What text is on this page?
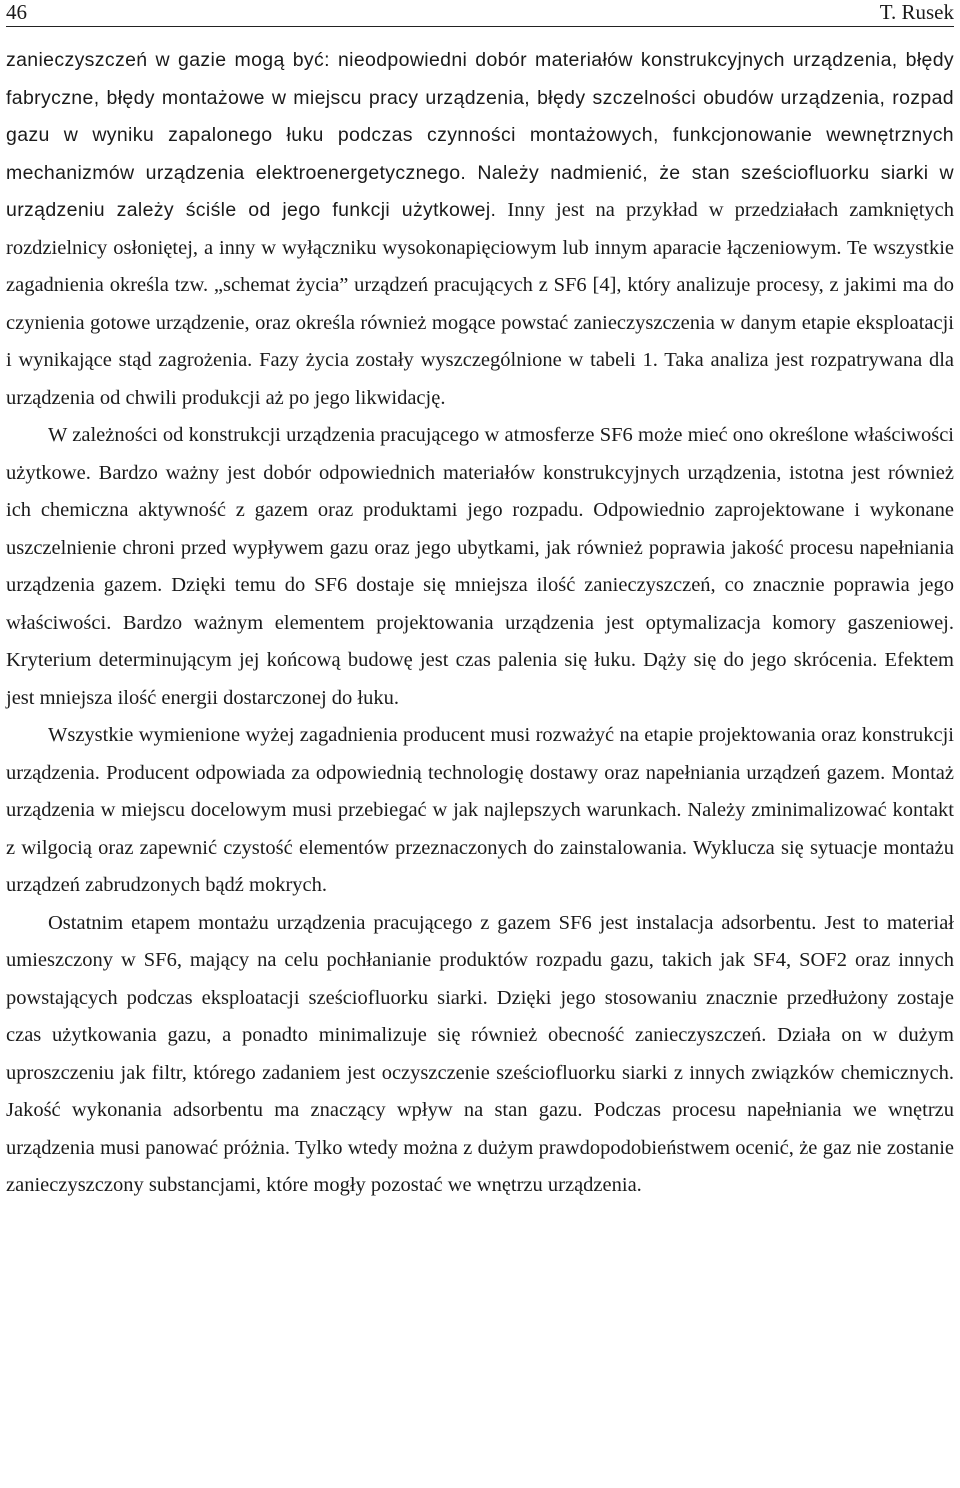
46	T. Rusek

zanieczyszczeń w gazie mogą być: nieodpowiedni dobór materiałów konstrukcyjnych urządzenia, błędy fabryczne, błędy montażowe w miejscu pracy urządzenia, błędy szczelności obudów urządzenia, rozpad gazu w wyniku zapalonego łuku podczas czynności montażowych, funkcjonowanie wewnętrznych mechanizmów urządzenia elektroenergetycznego. Należy nadmienić, że stan sześciofluorku siarki w urządzeniu zależy ściśle od jego funkcji użytkowej. Inny jest na przykład w przedziałach zamkniętych rozdzielnicy osłoniętej, a inny w wyłączniku wysokonapięciowym lub innym aparacie łączeniowym. Te wszystkie zagadnienia określa tzw. „schemat życia” urządzeń pracujących z SF6 [4], który analizuje procesy, z jakimi ma do czynienia gotowe urządzenie, oraz określa również mogące powstać zanieczyszczenia w danym etapie eksploatacji i wynikające stąd zagrożenia. Fazy życia zostały wyszczególnione w tabeli 1. Taka analiza jest rozpatrywana dla urządzenia od chwili produkcji aż po jego likwidację.

W zależności od konstrukcji urządzenia pracującego w atmosferze SF6 może mieć ono określone właściwości użytkowe. Bardzo ważny jest dobór odpowiednich materiałów konstrukcyjnych urządzenia, istotna jest również ich chemiczna aktywność z gazem oraz produktami jego rozpadu. Odpowiednio zaprojektowane i wykonane uszczelnienie chroni przed wypływem gazu oraz jego ubytkami, jak również poprawia jakość procesu napełniania urządzenia gazem. Dzięki temu do SF6 dostaje się mniejsza ilość zanieczyszczeń, co znacznie poprawia jego właściwości. Bardzo ważnym elementem projektowania urządzenia jest optymalizacja komory gaszeniowej. Kryterium determinującym jej końcową budowę jest czas palenia się łuku. Dąży się do jego skrócenia. Efektem jest mniejsza ilość energii dostarczonej do łuku.

Wszystkie wymienione wyżej zagadnienia producent musi rozważyć na etapie projektowania oraz konstrukcji urządzenia. Producent odpowiada za odpowiednią technologię dostawy oraz napełniania urządzeń gazem. Montaż urządzenia w miejscu docelowym musi przebiegać w jak najlepszych warunkach. Należy zminimalizować kontakt z wilgocią oraz zapewnić czystość elementów przeznaczonych do zainstalowania. Wyklucza się sytuacje montażu urządzeń zabrudzonych bądź mokrych.

Ostatnim etapem montażu urządzenia pracującego z gazem SF6 jest instalacja adsorbentu. Jest to materiał umieszczony w SF6, mający na celu pochłanianie produktów rozpadu gazu, takich jak SF4, SOF2 oraz innych powstających podczas eksploatacji sześciofluorku siarki. Dzięki jego stosowaniu znacznie przedłużony zostaje czas użytkowania gazu, a ponadto minimalizuje się również obecność zanieczyszczeń. Działa on w dużym uproszczeniu jak filtr, którego zadaniem jest oczyszczenie sześciofluorku siarki z innych związków chemicznych. Jakość wykonania adsorbentu ma znaczący wpływ na stan gazu. Podczas procesu napełniania we wnętrzu urządzenia musi panować próżnia. Tylko wtedy można z dużym prawdopodobieństwem ocenić, że gaz nie zostanie zanieczyszczony substancjami, które mogły pozostać we wnętrzu urządzenia.
